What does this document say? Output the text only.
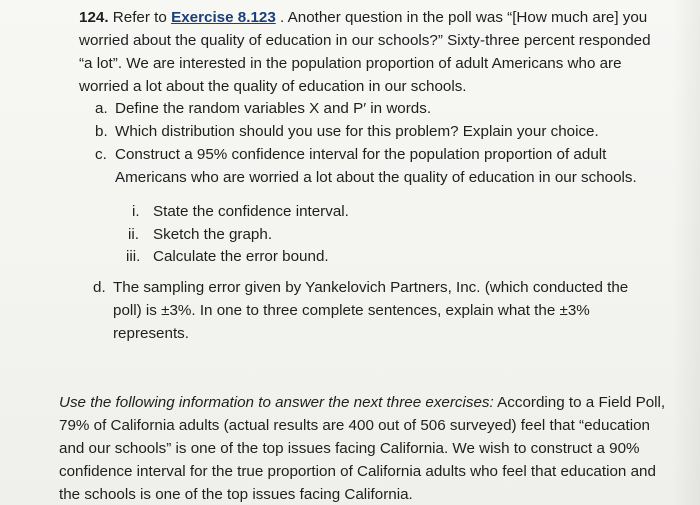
124. Refer to Exercise 8.123 . Another question in the poll was “[How much are] you
worried about the quality of education in our schools?” Sixty-three percent responded
“a lot”. We are interested in the population proportion of adult Americans who are
worried a lot about the quality of education in our schools.
a. Define the random variables X and P′ in words.
b. Which distribution should you use for this problem? Explain your choice.
c. Construct a 95% confidence interval for the population proportion of adult
Americans who are worried a lot about the quality of education in our schools.
i. State the confidence interval.
ii. Sketch the graph.
iii. Calculate the error bound.
d. The sampling error given by Yankelovich Partners, Inc. (which conducted the
poll) is ±3%. In one to three complete sentences, explain what the ±3%
represents.
Use the following information to answer the next three exercises: According to a Field Poll,
79% of California adults (actual results are 400 out of 506 surveyed) feel that “education
and our schools” is one of the top issues facing California. We wish to construct a 90%
confidence interval for the true proportion of California adults who feel that education and
the schools is one of the top issues facing California.
